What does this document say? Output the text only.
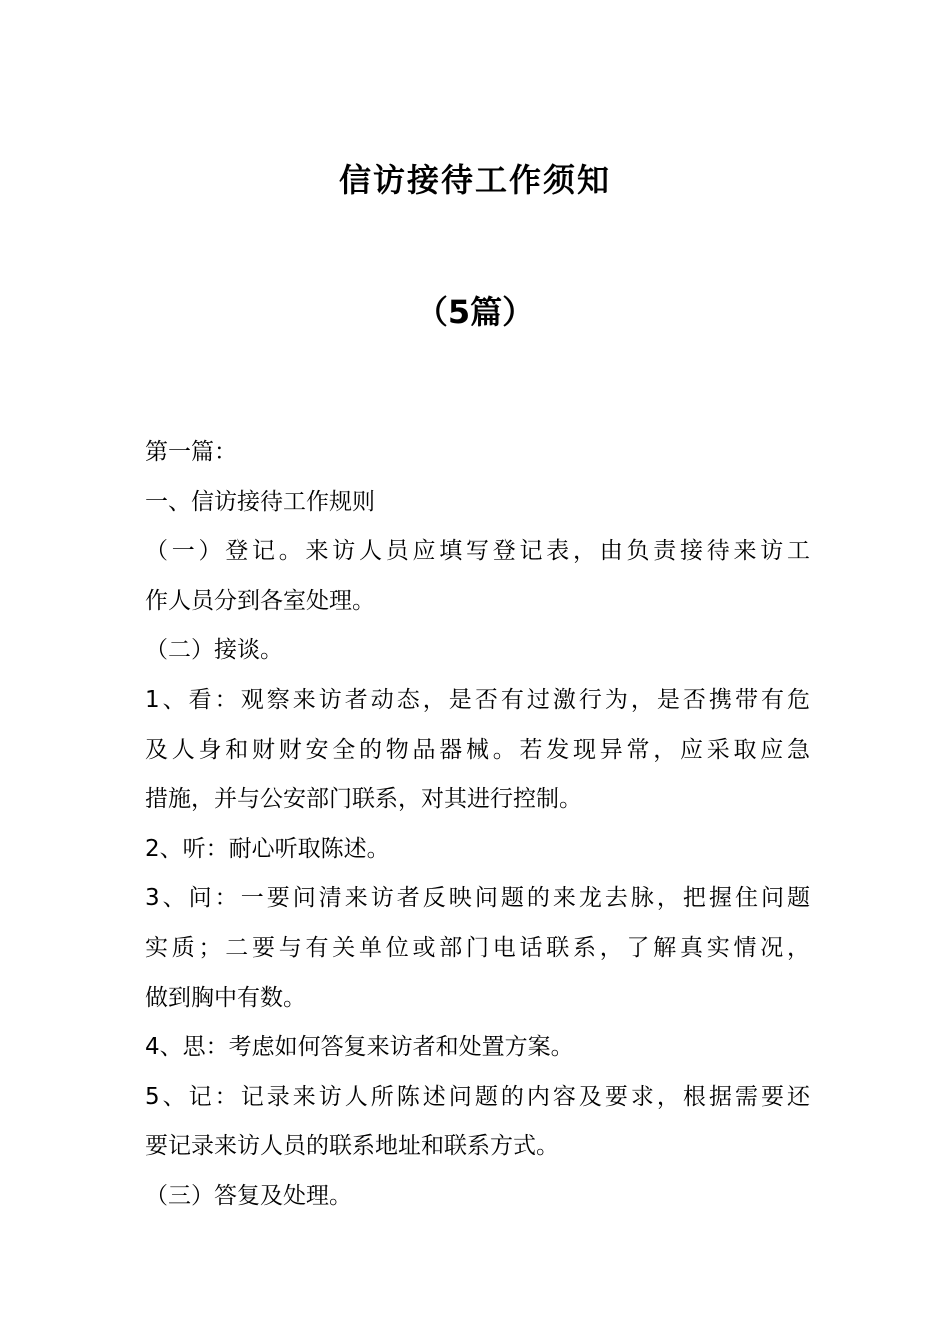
信访接待工作须知
（5篇）
第一篇：
一、信访接待工作规则
（一）登记。来访人员应填写登记表，由负责接待来访工
作人员分到各室处理。
（二）接谈。
1、看：观察来访者动态，是否有过激行为，是否携带有危
及人身和财财安全的物品器械。若发现异常，应采取应急
措施，并与公安部门联系，对其进行控制。
2、听：耐心听取陈述。
3、问：一要问清来访者反映问题的来龙去脉，把握住问题
实质；二要与有关单位或部门电话联系，了解真实情况，
做到胸中有数。
4、思：考虑如何答复来访者和处置方案。
5、记：记录来访人所陈述问题的内容及要求，根据需要还
要记录来访人员的联系地址和联系方式。
（三）答复及处理。
